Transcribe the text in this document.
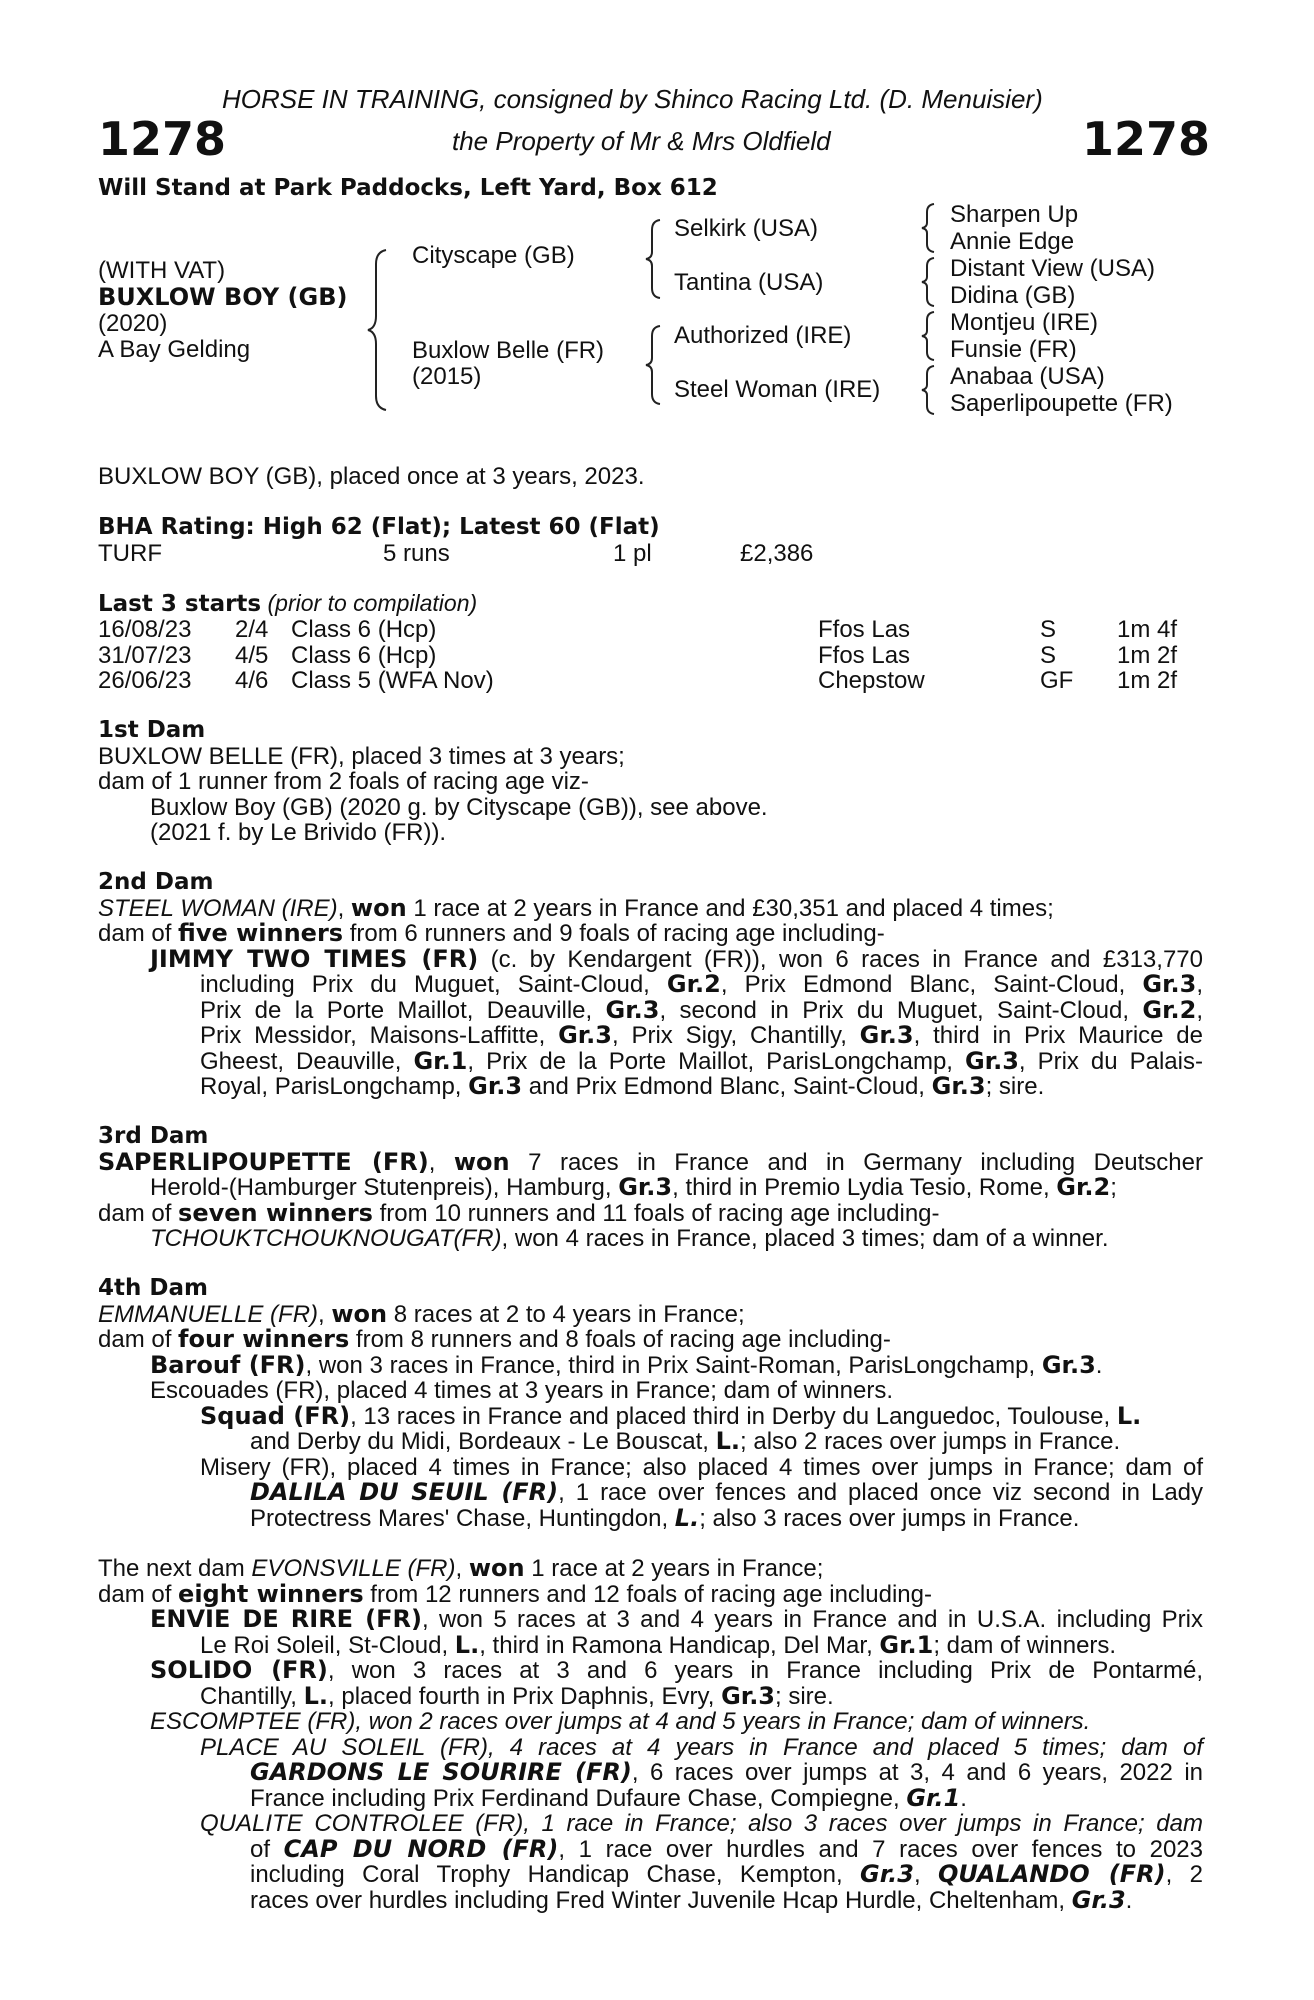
HORSE IN TRAINING, consigned by Shinco Racing Ltd. (D. Menuisier)
1278	the Property of Mr & Mrs Oldfield	1278
Will Stand at Park Paddocks, Left Yard, Box 612
(WITH VAT)
BUXLOW BOY (GB)
(2020)
A Bay Gelding
Cityscape (GB)
Buxlow Belle (FR)
(2015)
Selkirk (USA)
Tantina (USA)
Authorized (IRE)
Steel Woman (IRE)
Sharpen Up
Annie Edge
Distant View (USA)
Didina (GB)
Montjeu (IRE)
Funsie (FR)
Anabaa (USA)
Saperlipoupette (FR)
BUXLOW BOY (GB), placed once at 3 years, 2023.
BHA Rating: High 62 (Flat); Latest 60 (Flat)
TURF	5 runs	1 pl	£2,386
Last 3 starts (prior to compilation)
16/08/23 2/4 Class 6 (Hcp)	Ffos Las	S	1m 4f
31/07/23 4/5 Class 6 (Hcp)	Ffos Las	S	1m 2f
26/06/23 4/6 Class 5 (WFA Nov)	Chepstow	GF 1m 2f
1st Dam
BUXLOW BELLE (FR), placed 3 times at 3 years;
dam of 1 runner from 2 foals of racing age viz-
Buxlow Boy (GB) (2020 g. by Cityscape (GB)), see above.
(2021 f. by Le Brivido (FR)).
2nd Dam
STEEL WOMAN (IRE), won 1 race at 2 years in France and £30,351 and placed 4 times;
dam of five winners from 6 runners and 9 foals of racing age including-
JIMMY TWO TIMES (FR) (c. by Kendargent (FR)), won 6 races in France and £313,770
including Prix du Muguet, Saint-Cloud, Gr.2, Prix Edmond Blanc, Saint-Cloud, Gr.3,
Prix de la Porte Maillot, Deauville, Gr.3, second in Prix du Muguet, Saint-Cloud, Gr.2,
Prix Messidor, Maisons-Laffitte, Gr.3, Prix Sigy, Chantilly, Gr.3, third in Prix Maurice de
Gheest, Deauville, Gr.1, Prix de la Porte Maillot, ParisLongchamp, Gr.3, Prix du Palais-
Royal, ParisLongchamp, Gr.3 and Prix Edmond Blanc, Saint-Cloud, Gr.3; sire.
3rd Dam
SAPERLIPOUPETTE (FR), won 7 races in France and in Germany including Deutscher
Herold-(Hamburger Stutenpreis), Hamburg, Gr.3, third in Premio Lydia Tesio, Rome, Gr.2;
dam of seven winners from 10 runners and 11 foals of racing age including-
TCHOUKTCHOUKNOUGAT(FR), won 4 races in France, placed 3 times; dam of a winner.
4th Dam
EMMANUELLE (FR), won 8 races at 2 to 4 years in France;
dam of four winners from 8 runners and 8 foals of racing age including-
Barouf (FR), won 3 races in France, third in Prix Saint-Roman, ParisLongchamp, Gr.3.
Escouades (FR), placed 4 times at 3 years in France; dam of winners.
Squad (FR), 13 races in France and placed third in Derby du Languedoc, Toulouse, L.
and Derby du Midi, Bordeaux - Le Bouscat, L.; also 2 races over jumps in France.
Misery (FR), placed 4 times in France; also placed 4 times over jumps in France; dam of
DALILA DU SEUIL (FR), 1 race over fences and placed once viz second in Lady
Protectress Mares' Chase, Huntingdon, L.; also 3 races over jumps in France.
The next dam EVONSVILLE (FR), won 1 race at 2 years in France;
dam of eight winners from 12 runners and 12 foals of racing age including-
ENVIE DE RIRE (FR), won 5 races at 3 and 4 years in France and in U.S.A. including Prix
Le Roi Soleil, St-Cloud, L., third in Ramona Handicap, Del Mar, Gr.1; dam of winners.
SOLIDO (FR), won 3 races at 3 and 6 years in France including Prix de Pontarmé,
Chantilly, L., placed fourth in Prix Daphnis, Evry, Gr.3; sire.
ESCOMPTEE (FR), won 2 races over jumps at 4 and 5 years in France; dam of winners.
PLACE AU SOLEIL (FR), 4 races at 4 years in France and placed 5 times; dam of
GARDONS LE SOURIRE (FR), 6 races over jumps at 3, 4 and 6 years, 2022 in
France including Prix Ferdinand Dufaure Chase, Compiegne, Gr.1.
QUALITE CONTROLEE (FR), 1 race in France; also 3 races over jumps in France; dam
of CAP DU NORD (FR), 1 race over hurdles and 7 races over fences to 2023
including Coral Trophy Handicap Chase, Kempton, Gr.3, QUALANDO (FR), 2
races over hurdles including Fred Winter Juvenile Hcap Hurdle, Cheltenham, Gr.3.
